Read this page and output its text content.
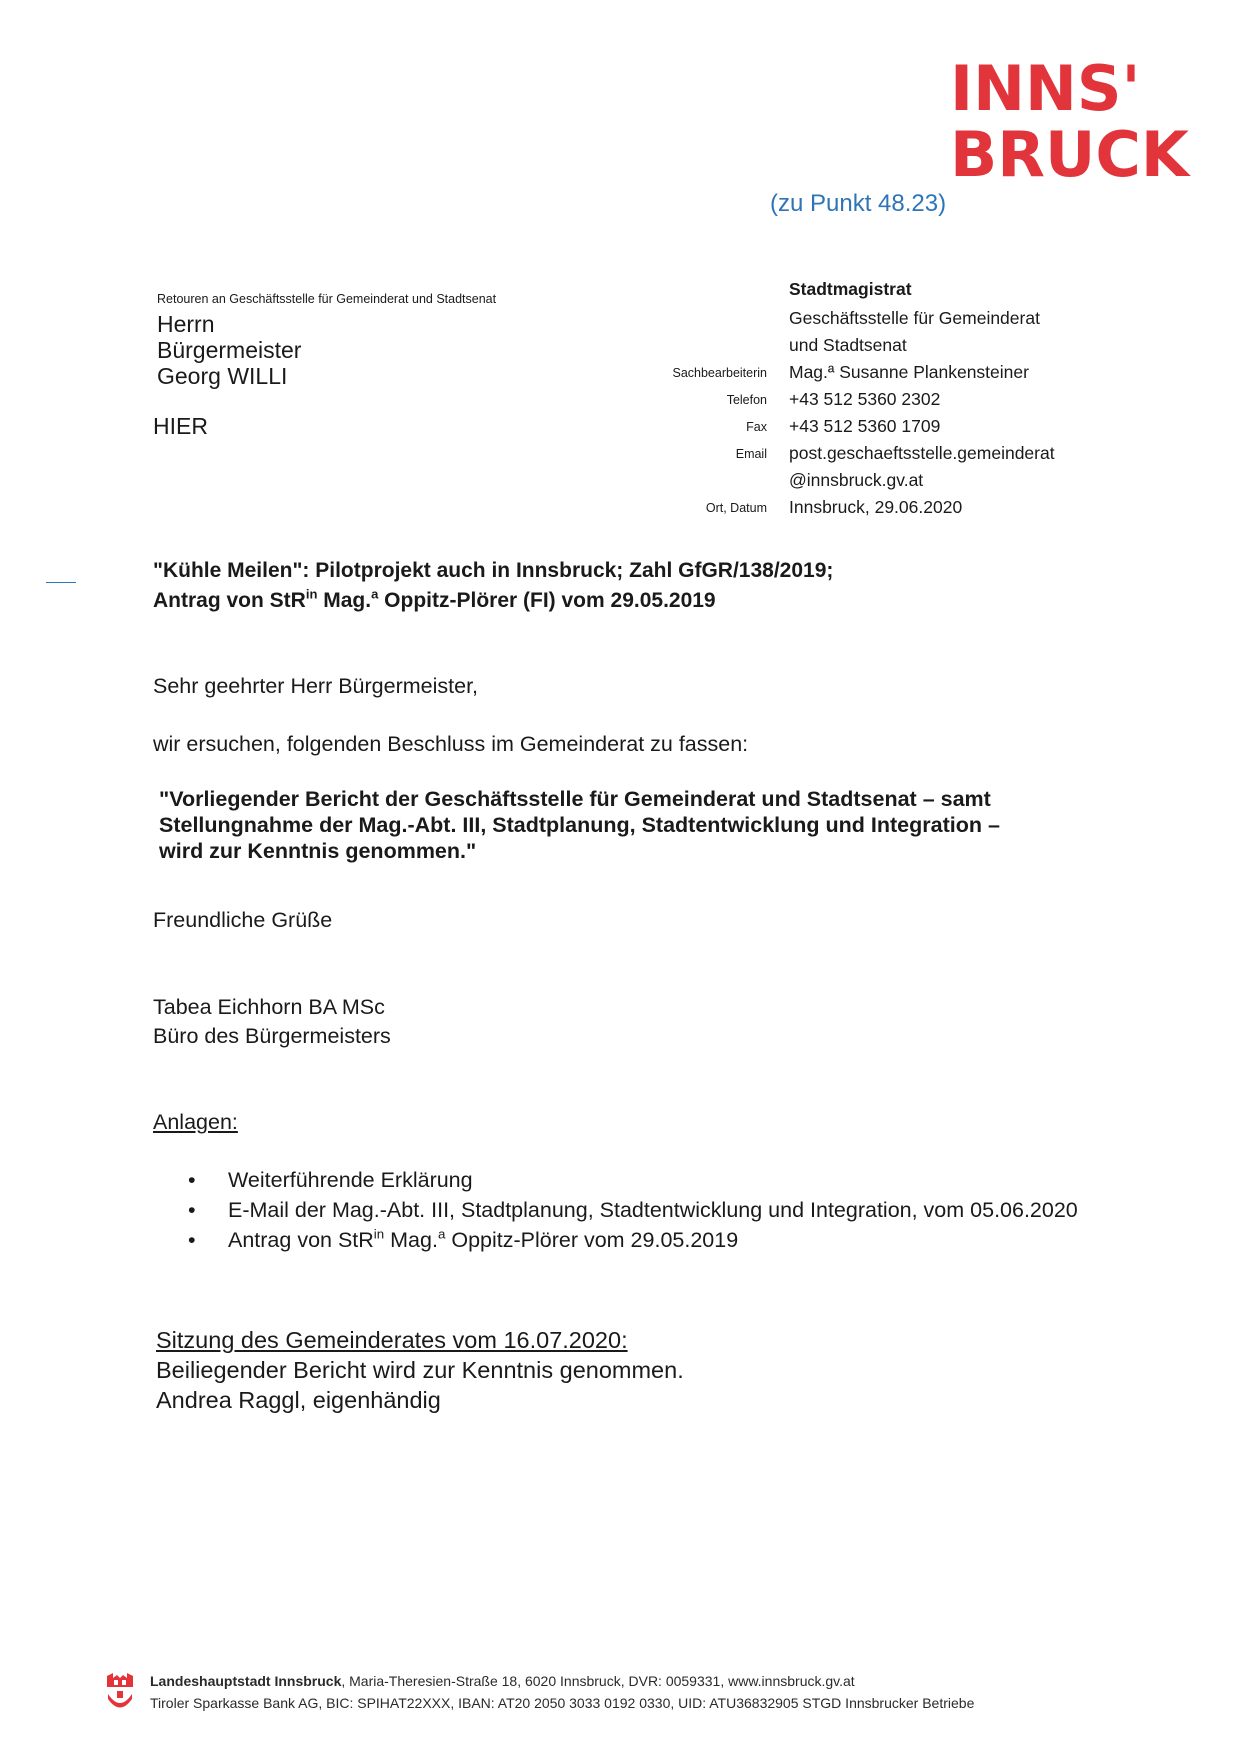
INNS'
BRUCK
(zu Punkt 48.23)
Retouren an Geschäftsstelle für Gemeinderat und Stadtsenat
Herrn
Bürgermeister
Georg WILLI
HIER
Stadtmagistrat
Geschäftsstelle für Gemeinderat
und Stadtsenat
Mag.ª Susanne Plankensteiner
+43 512 5360 2302
+43 512 5360 1709
post.geschaeftsstelle.gemeinderat
@innsbruck.gv.at
Innsbruck, 29.06.2020
Sachbearbeiterin
Telefon
Fax
Email
Ort, Datum
"Kühle Meilen": Pilotprojekt auch in Innsbruck; Zahl GfGR/138/2019;
Antrag von StR$^{in}$ Mag.$^a$ Oppitz-Plörer (FI) vom 29.05.2019
Sehr geehrter Herr Bürgermeister,
wir ersuchen, folgenden Beschluss im Gemeinderat zu fassen:
"Vorliegender Bericht der Geschäftsstelle für Gemeinderat und Stadtsenat – samt
Stellungnahme der Mag.-Abt. III, Stadtplanung, Stadtentwicklung und Integration –
wird zur Kenntnis genommen."
Freundliche Grüße
Tabea Eichhorn BA MSc
Büro des Bürgermeisters
Anlagen:
• Weiterführende Erklärung
• E-Mail der Mag.-Abt. III, Stadtplanung, Stadtentwicklung und Integration, vom 05.06.2020
• Antrag von StR$^{in}$ Mag.$^a$ Oppitz-Plörer vom 29.05.2019
Sitzung des Gemeinderates vom 16.07.2020:
Beiliegender Bericht wird zur Kenntnis genommen.
Andrea Raggl, eigenhändig
Landeshauptstadt Innsbruck, Maria-Theresien-Straße 18, 6020 Innsbruck, DVR: 0059331, www.innsbruck.gv.at
Tiroler Sparkasse Bank AG, BIC: SPIHAT22XXX, IBAN: AT20 2050 3033 0192 0330, UID: ATU36832905 STGD Innsbrucker Betriebe
